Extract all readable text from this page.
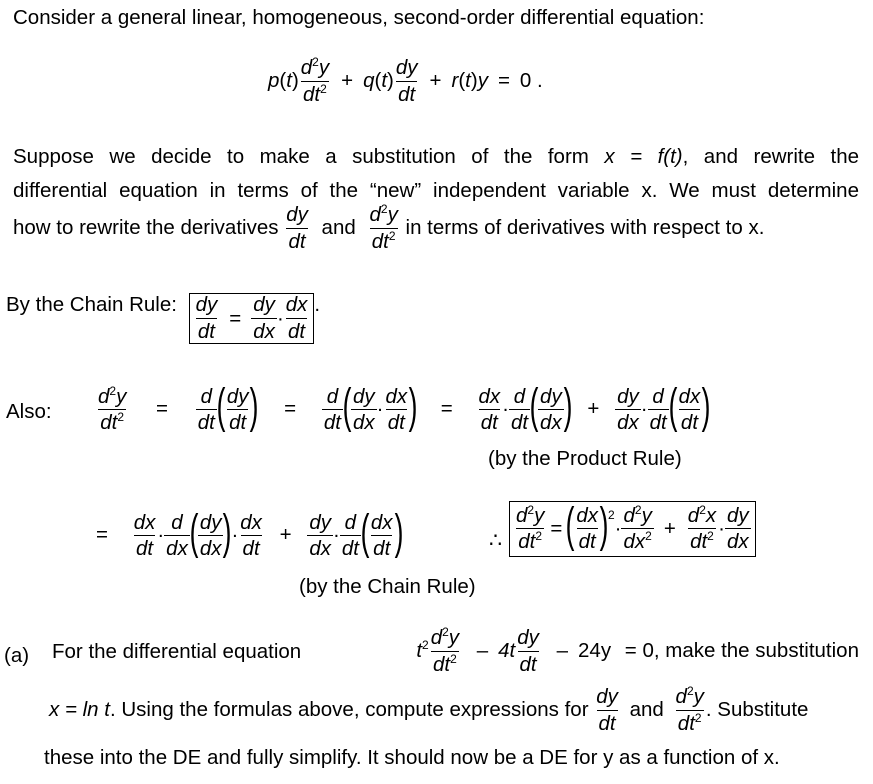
Consider a general linear, homogeneous, second-order differential equation:
$p(t) \frac{d^2y}{dt^2} + q(t) \frac{dy}{dt} + r(t)y = 0$ .
Suppose we decide to make a substitution of the form x = f(t), and rewrite the
differential equation in terms of the “new” independent variable x. We must determine
how to rewrite the derivatives $\frac{dy}{dt}$ and $\frac{d^2y}{dt^2}$ in terms of derivatives with respect to x.
By the Chain Rule: $\frac{dy}{dt} = \frac{dy}{dx}$ ·
dx
dt
.
Also: $\frac{d^2y}{dt^2} = \frac{d}{dt}$ ( $\frac{dy}{dt}$ ) = $\frac{d}{dt}$ ( $\frac{dy}{dx} \cdot \frac{dx}{dt}$ ) = $\frac{dx}{dt} \cdot \frac{d}{dt}$ ( $\frac{dy}{dx}$ ) + $\frac{dy}{dx} \cdot \frac{d}{dt}$ ( $\frac{dx}{dt}$ )
(by the Product Rule)
= $\frac{dx}{dt} \cdot \frac{d}{dx}$ ( $\frac{dy}{dx}$ )· $\frac{dx}{dt} + \frac{dy}{dx} \cdot \frac{d}{dt}$ ( $\frac{dx}{dt}$ )	∴ $\frac{d^2y}{dt^2}$ = ( dx
dt )$^2$
·
$d^2y$
$dx^2 + \frac{d^2x}{dt^2}$ ·
dy
dx
(by the Chain Rule)
(a) For the differential equation	$t^2 \frac{d^2y}{dt^2} - 4t \frac{dy}{dt} - 24y = 0$, make the substitution
x = ln t. Using the formulas above, compute expressions for $\frac{dy}{dt}$ and $\frac{d^2y}{dt^2}$ . Substitute
these into the DE and fully simplify. It should now be a DE for y as a function of x.
